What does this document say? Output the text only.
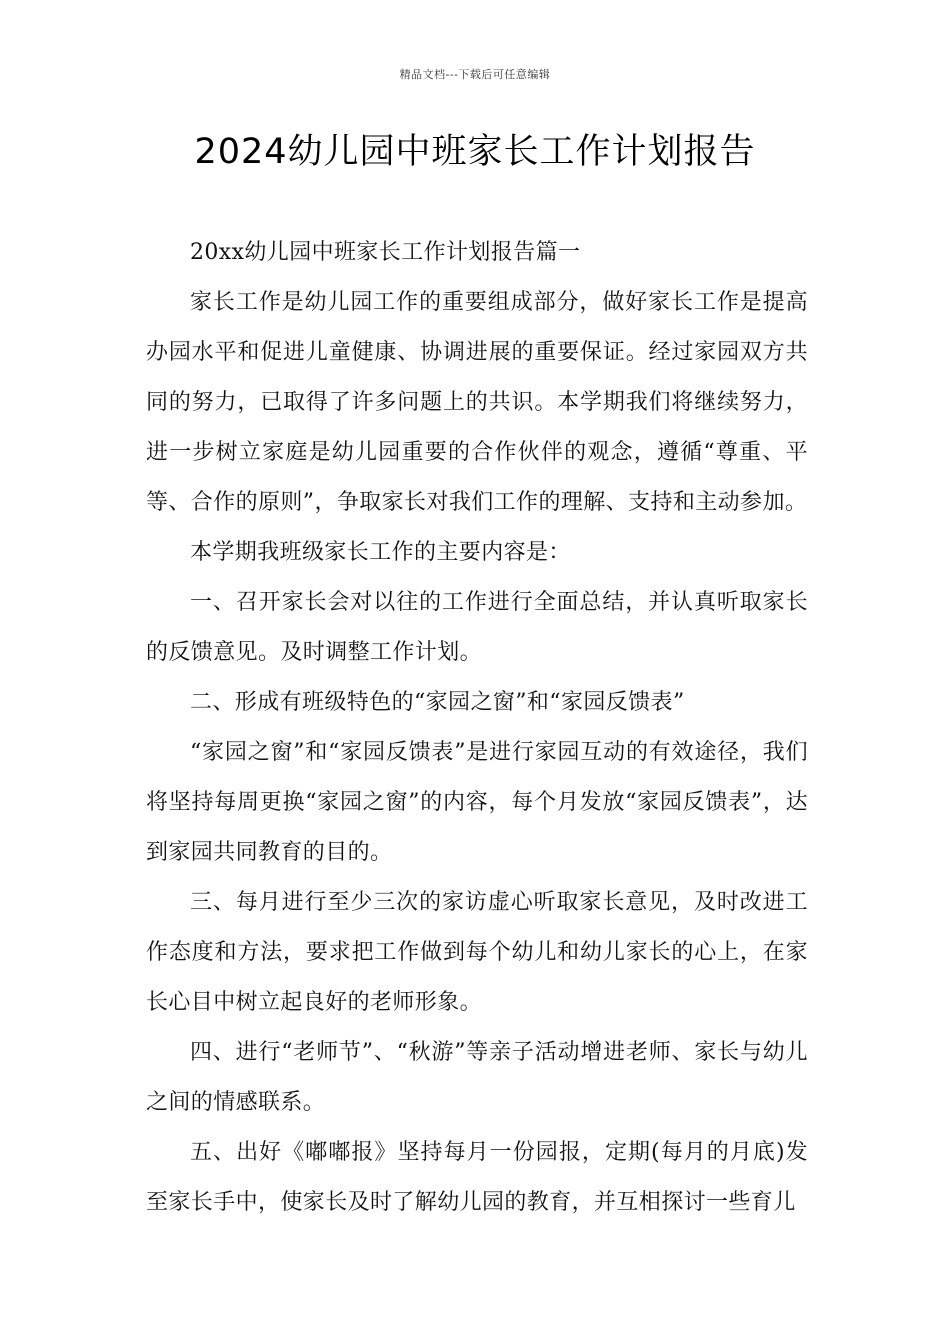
精品文档---下载后可任意编辑
2024幼儿园中班家长工作计划报告

20xx幼儿园中班家长工作计划报告篇一

家长工作是幼儿园工作的重要组成部分，做好家长工作是提高办园水平和促进儿童健康、协调进展的重要保证。经过家园双方共同的努力，已取得了许多问题上的共识。本学期我们将继续努力，进一步树立家庭是幼儿园重要的合作伙伴的观念，遵循“尊重、平等、合作的原则”，争取家长对我们工作的理解、支持和主动参加。

本学期我班级家长工作的主要内容是：

一、召开家长会对以往的工作进行全面总结，并认真听取家长的反馈意见。及时调整工作计划。

二、形成有班级特色的“家园之窗”和“家园反馈表”

“家园之窗”和“家园反馈表”是进行家园互动的有效途径，我们将坚持每周更换“家园之窗”的内容，每个月发放“家园反馈表”，达到家园共同教育的目的。

三、每月进行至少三次的家访虚心听取家长意见，及时改进工作态度和方法，要求把工作做到每个幼儿和幼儿家长的心上，在家长心目中树立起良好的老师形象。

四、进行“老师节”、“秋游”等亲子活动增进老师、家长与幼儿之间的情感联系。

五、出好《嘟嘟报》坚持每月一份园报，定期(每月的月底)发至家长手中，使家长及时了解幼儿园的教育，并互相探讨一些育儿
